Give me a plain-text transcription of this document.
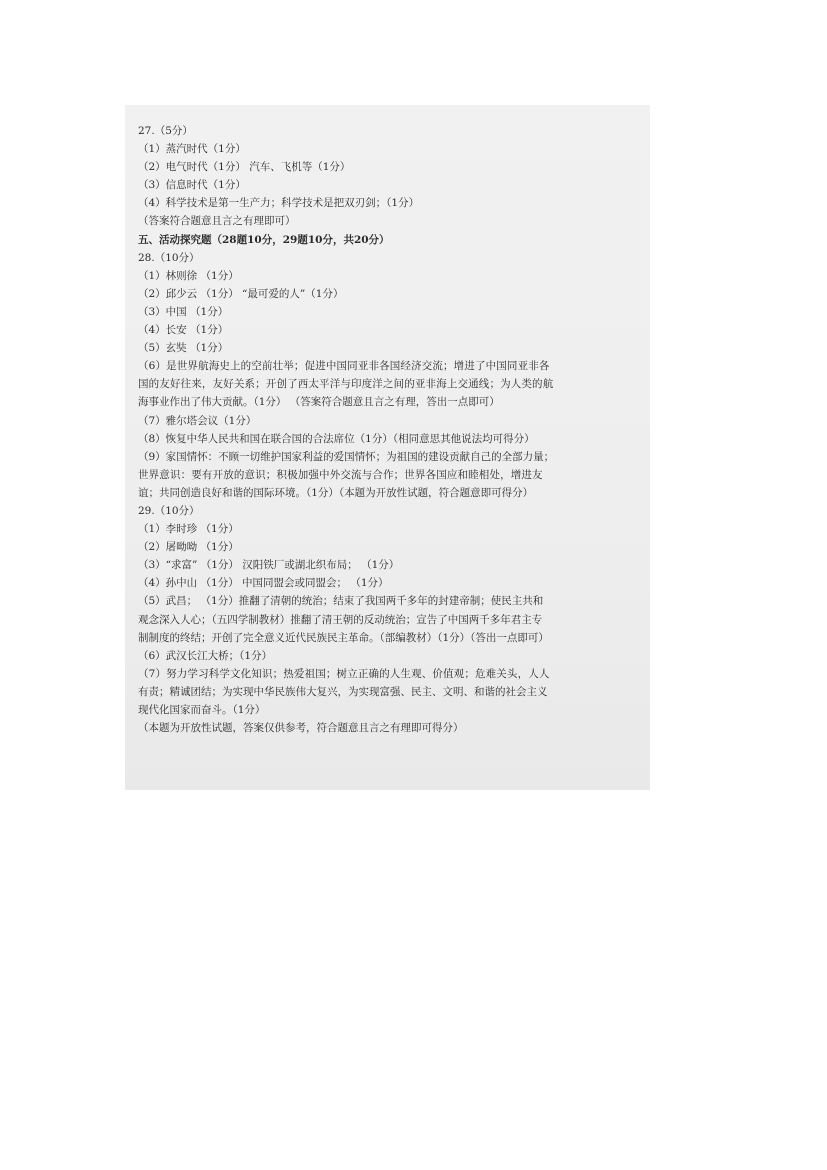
27.（5分）
（1）蒸汽时代（1分）
（2）电气时代（1分） 汽车、飞机等（1分）
（3）信息时代（1分）
（4）科学技术是第一生产力；科学技术是把双刃剑；（1分）
（答案符合题意且言之有理即可）
五、活动探究题（28题10分，29题10分，共20分）
28.（10分）
（1）林则徐 （1分）
（2）邱少云 （1分） “最可爱的人”（1分）
（3）中国 （1分）
（4）长安 （1分）
（5）玄奘 （1分）
（6）是世界航海史上的空前壮举；促进中国同亚非各国经济交流；增进了中国同亚非各
国的友好往来，友好关系；开创了西太平洋与印度洋之间的亚非海上交通线；为人类的航
海事业作出了伟大贡献。（1分） （答案符合题意且言之有理，答出一点即可）
（7）雅尔塔会议（1分）
（8）恢复中华人民共和国在联合国的合法席位（1分）（相同意思其他说法均可得分）
（9）家国情怀：不顾一切维护国家利益的爱国情怀；为祖国的建设贡献自己的全部力量；
世界意识：要有开放的意识；积极加强中外交流与合作；世界各国应和睦相处，增进友
谊；共同创造良好和谐的国际环境。（1分）（本题为开放性试题，符合题意即可得分）
29.（10分）
（1）李时珍 （1分）
（2）屠呦呦 （1分）
（3）“求富” （1分） 汉阳铁厂或湖北织布局； （1分）
（4）孙中山 （1分） 中国同盟会或同盟会； （1分）
（5）武昌； （1分）推翻了清朝的统治；结束了我国两千多年的封建帝制；使民主共和
观念深入人心；（五四学制教材）推翻了清王朝的反动统治；宣告了中国两千多年君主专
制制度的终结；开创了完全意义近代民族民主革命。（部编教材）（1分）（答出一点即可）
（6）武汉长江大桥；（1分）
（7）努力学习科学文化知识；热爱祖国；树立正确的人生观、价值观；危难关头，人人
有责；精诚团结；为实现中华民族伟大复兴，为实现富强、民主、文明、和谐的社会主义
现代化国家而奋斗。（1分）
（本题为开放性试题，答案仅供参考，符合题意且言之有理即可得分）
